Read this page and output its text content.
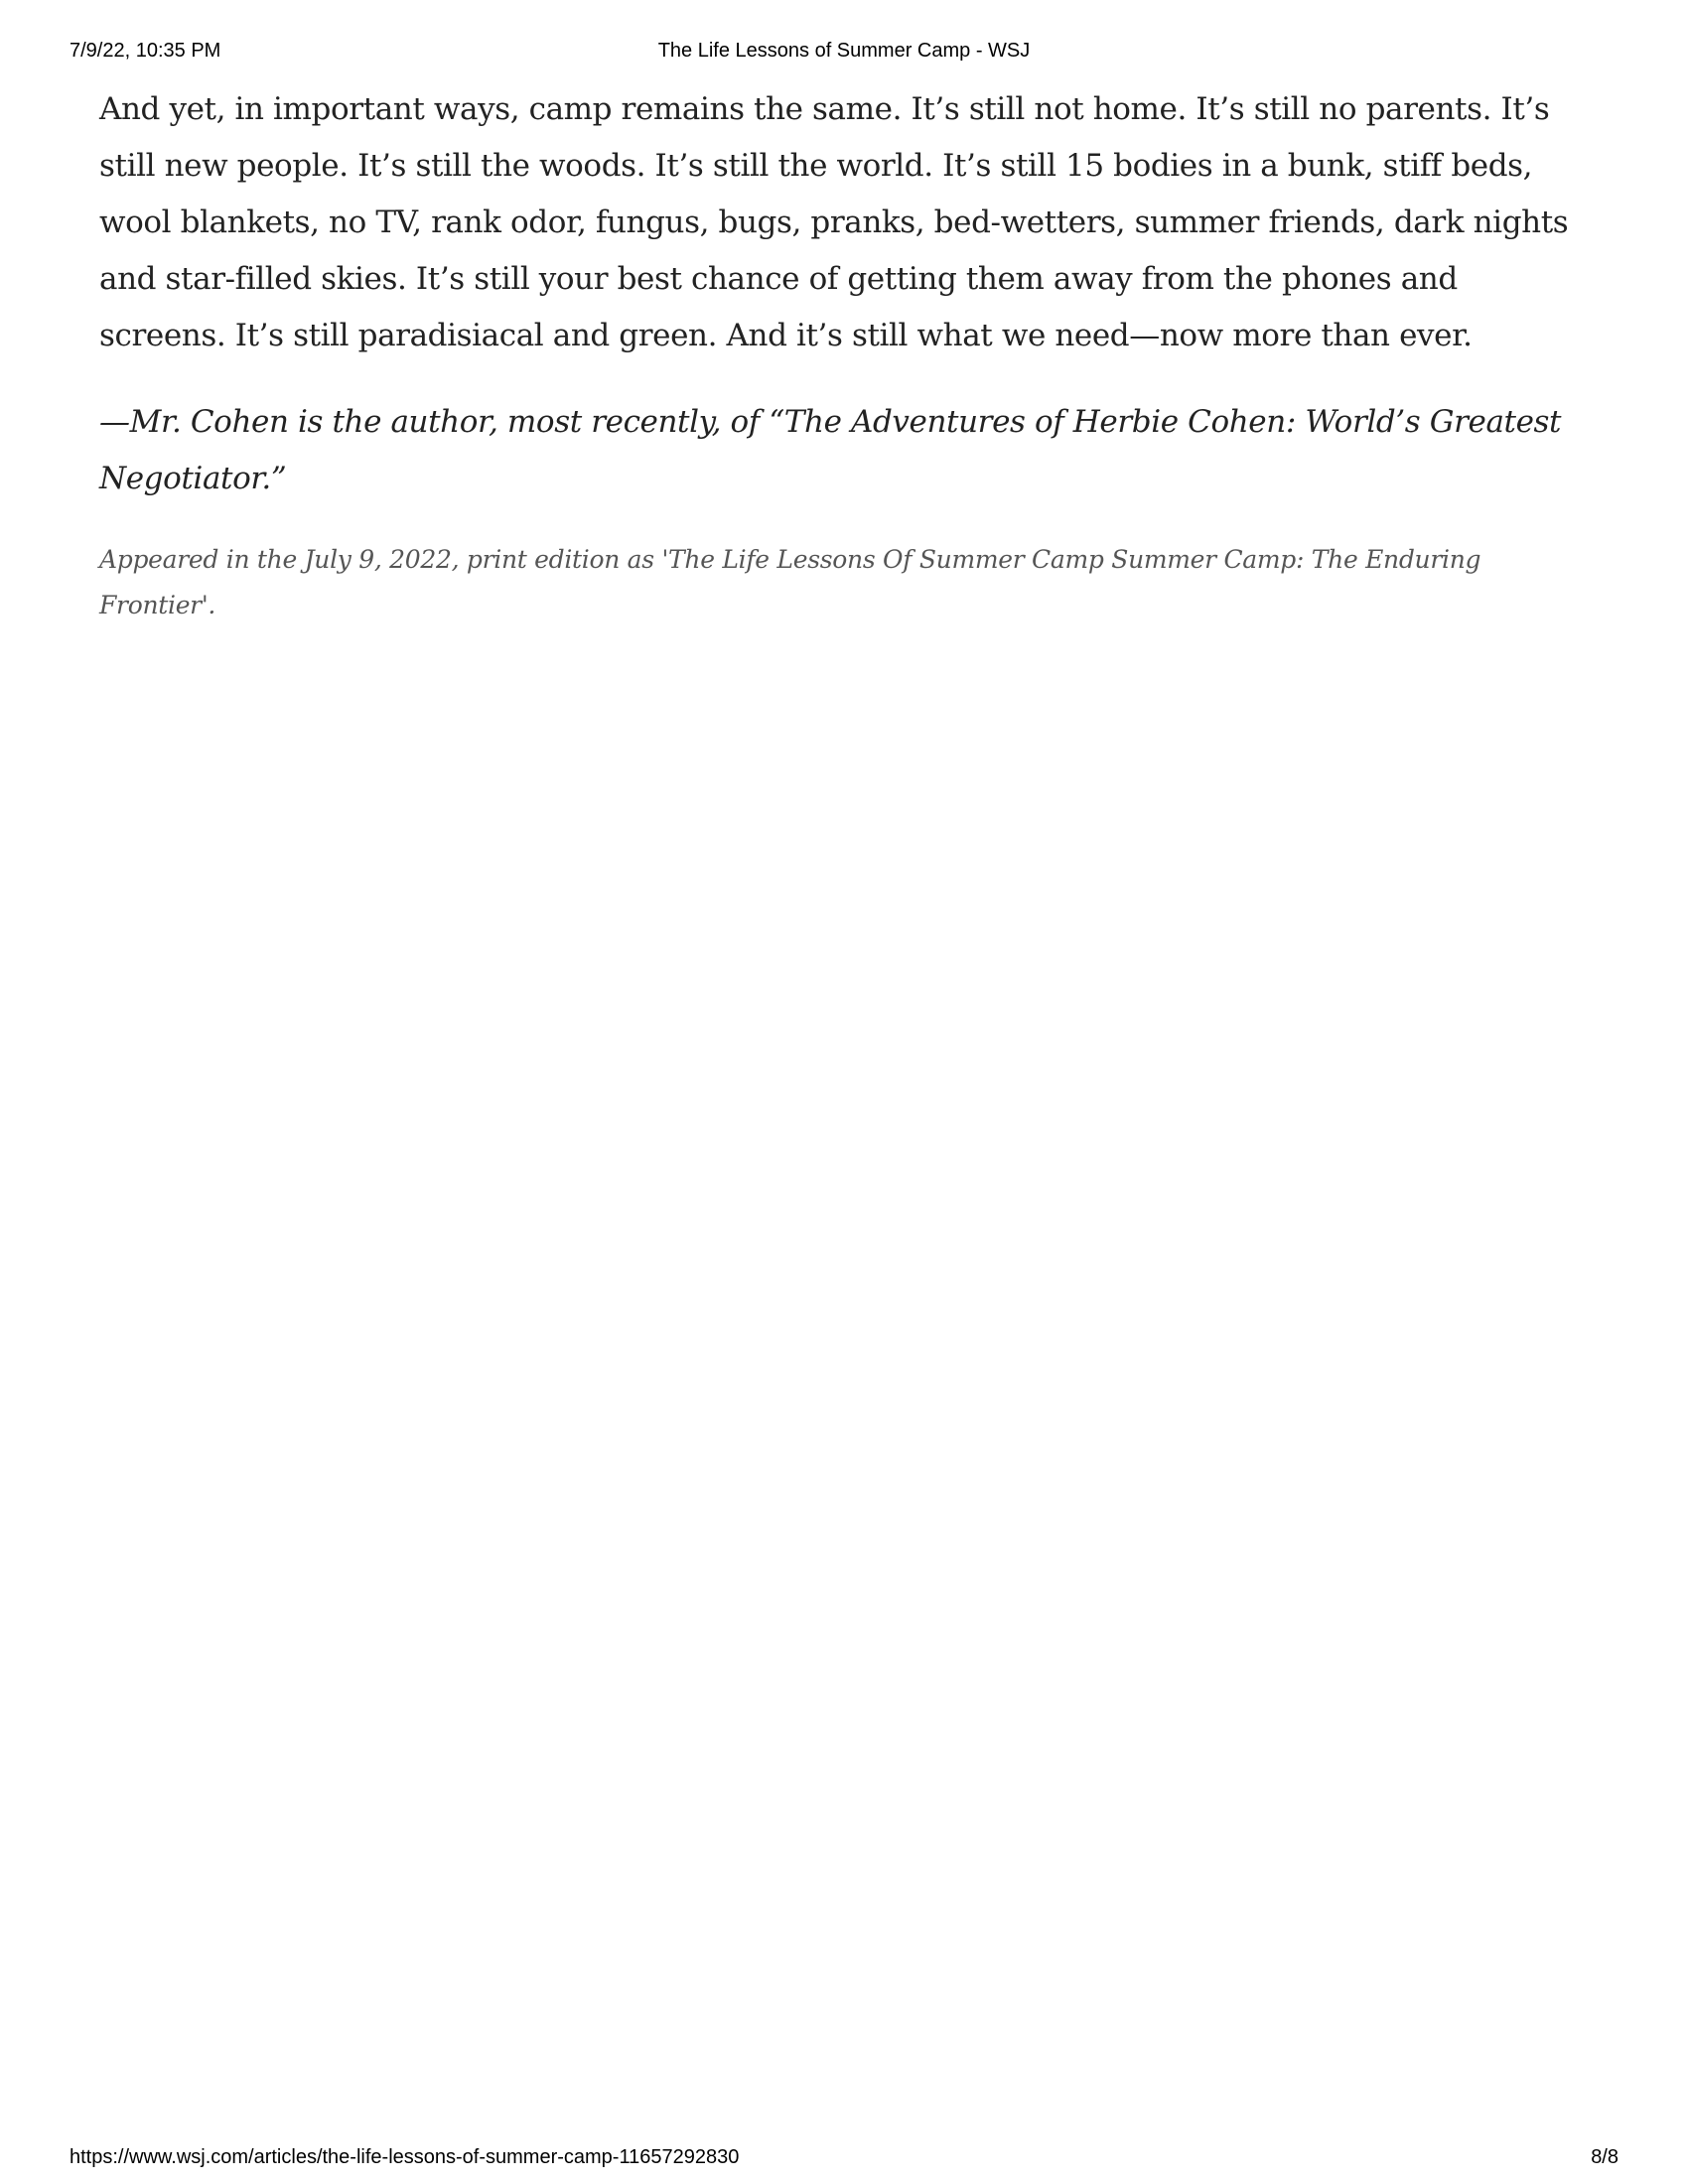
7/9/22, 10:35 PM	The Life Lessons of Summer Camp - WSJ

And yet, in important ways, camp remains the same. It’s still not home. It’s still no parents. It’s still new people. It’s still the woods. It’s still the world. It’s still 15 bodies in a bunk, stiff beds, wool blankets, no TV, rank odor, fungus, bugs, pranks, bed-wetters, summer friends, dark nights and star-filled skies. It’s still your best chance of getting them away from the phones and screens. It’s still paradisiacal and green. And it’s still what we need—now more than ever.

—Mr. Cohen is the author, most recently, of “The Adventures of Herbie Cohen: World’s Greatest Negotiator.”

Appeared in the July 9, 2022, print edition as 'The Life Lessons Of Summer Camp Summer Camp: The Enduring Frontier'.

https://www.wsj.com/articles/the-life-lessons-of-summer-camp-11657292830	8/8
